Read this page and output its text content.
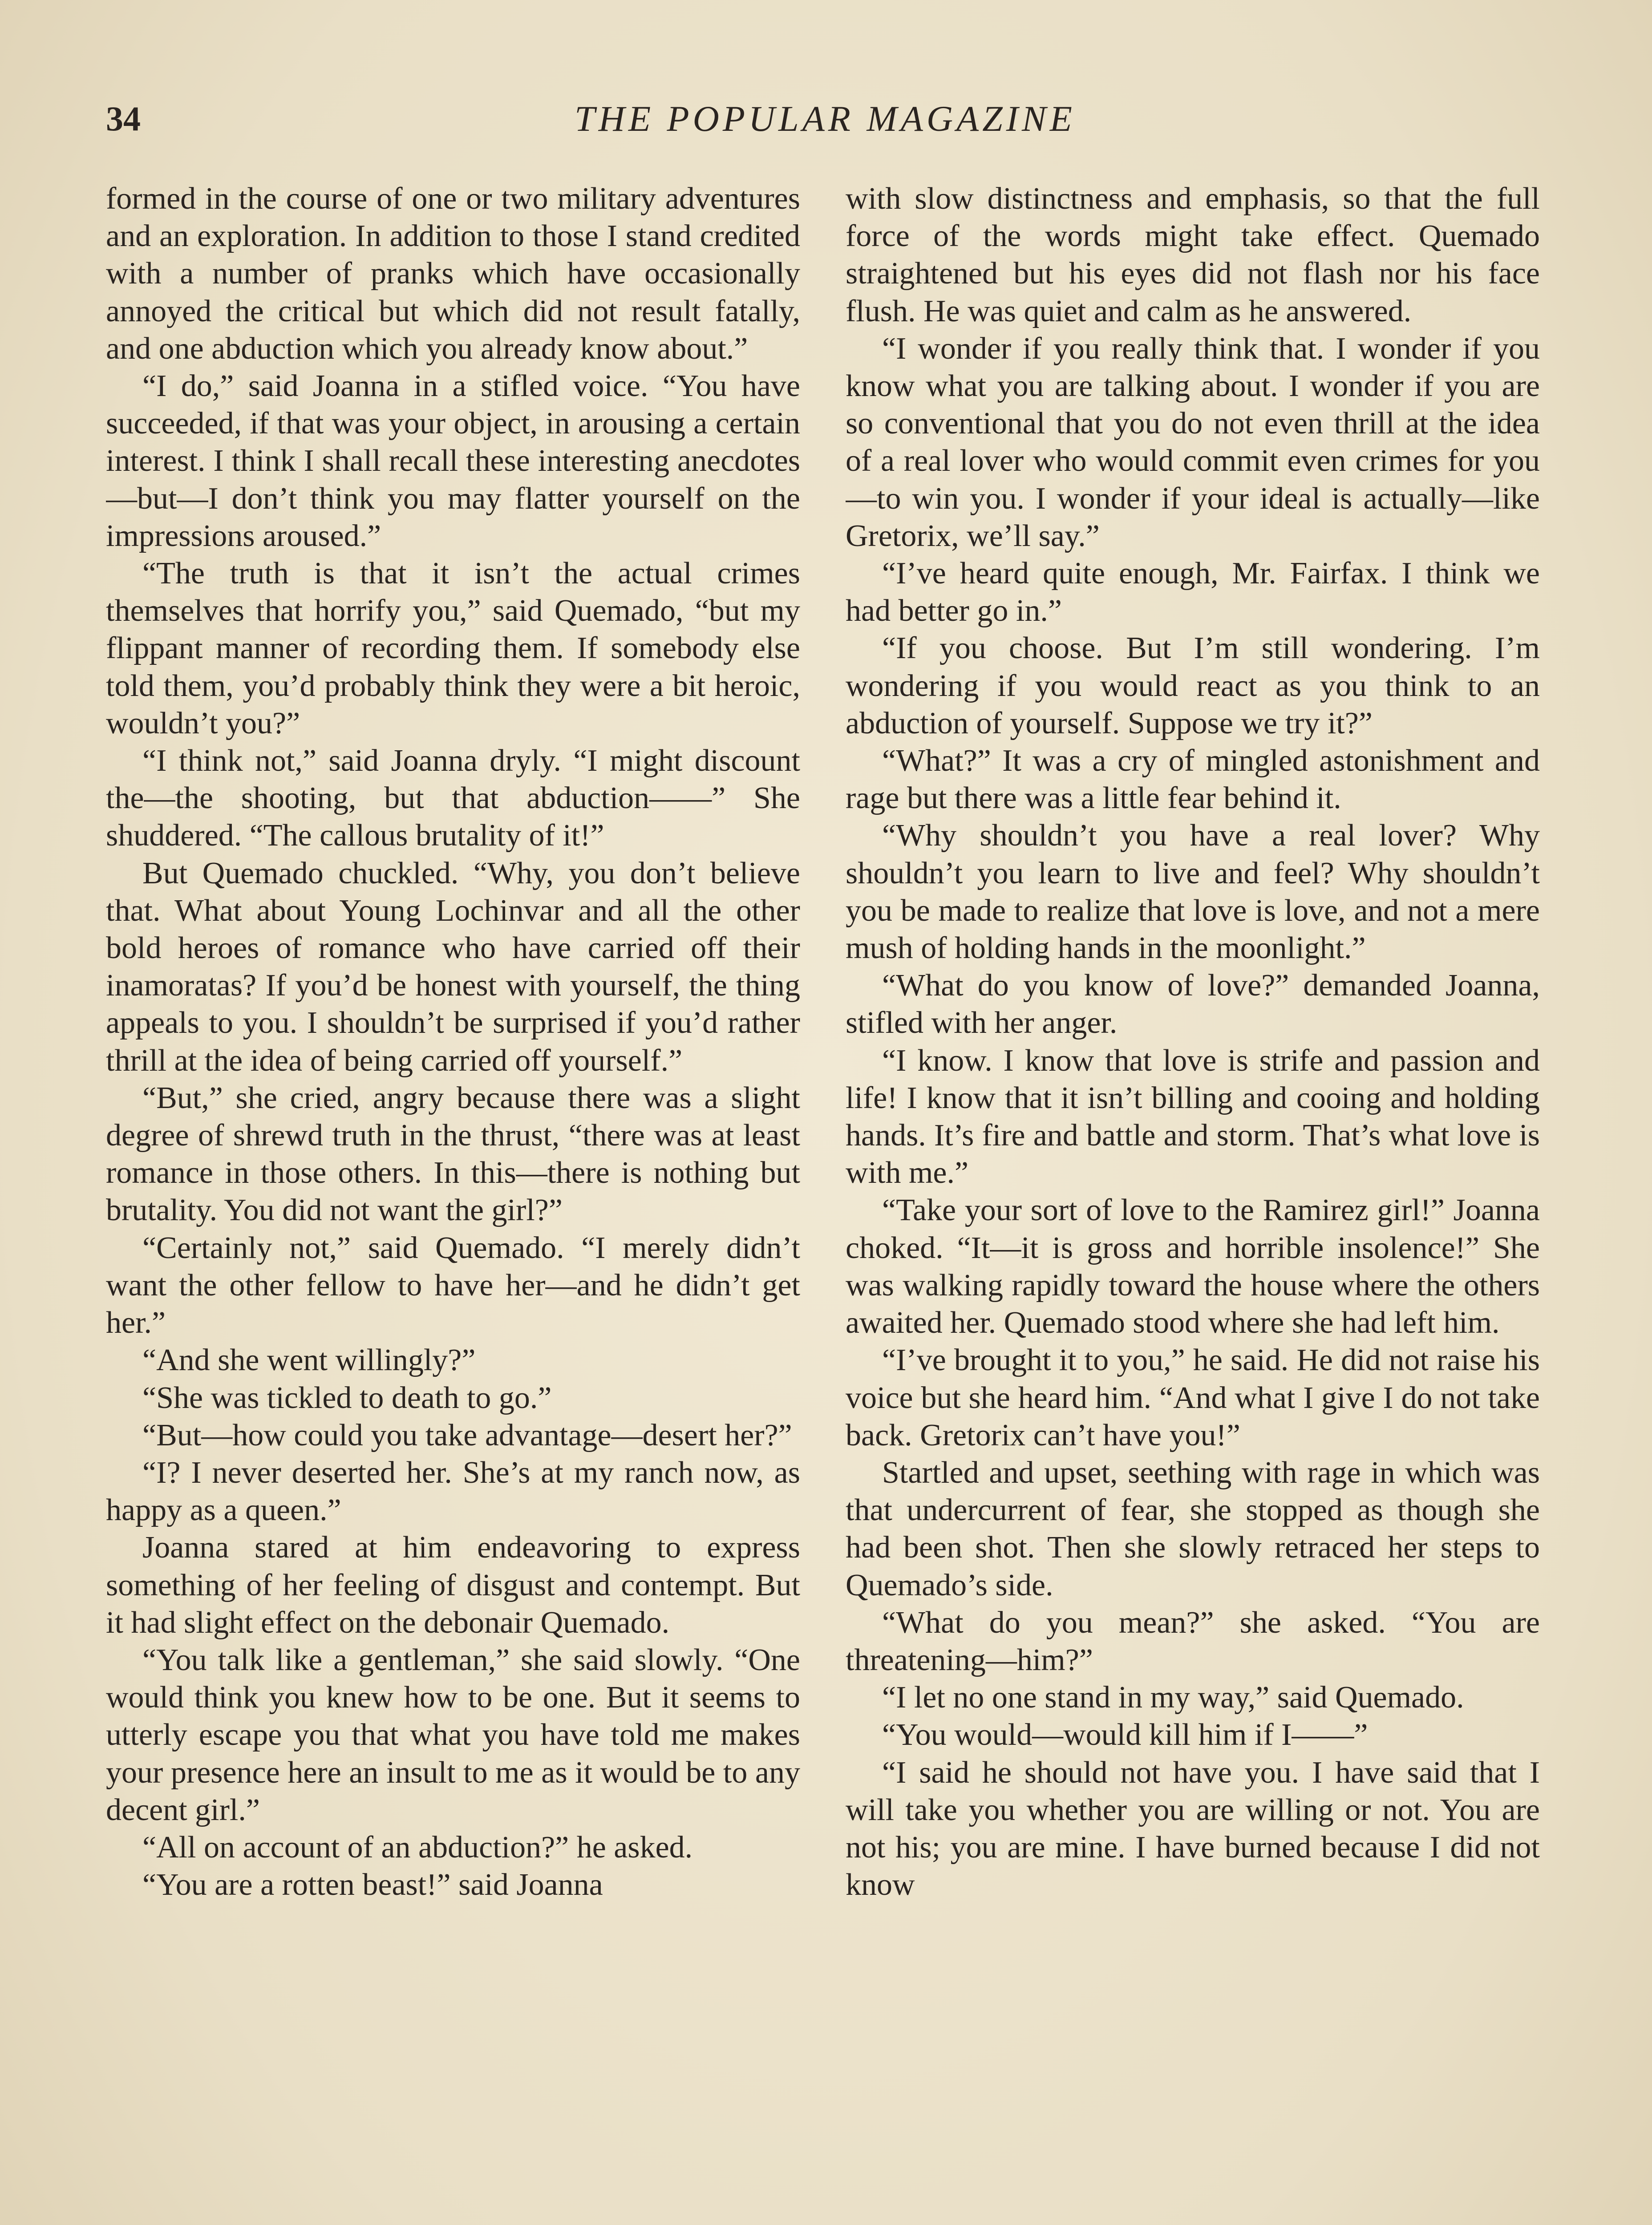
34	THE POPULAR MAGAZINE

formed in the course of one or two military adventures and an exploration. In addition to those I stand credited with a number of pranks which have occasionally annoyed the critical but which did not result fatally, and one abduction which you already know about.”

“I do,” said Joanna in a stifled voice. “You have succeeded, if that was your object, in arousing a certain interest. I think I shall recall these interesting anecdotes—but—I don’t think you may flatter yourself on the impressions aroused.”

“The truth is that it isn’t the actual crimes themselves that horrify you,” said Quemado, “but my flippant manner of recording them. If somebody else told them, you’d probably think they were a bit heroic, wouldn’t you?”

“I think not,” said Joanna dryly. “I might discount the—the shooting, but that abduction——” She shuddered. “The callous brutality of it!”

But Quemado chuckled. “Why, you don’t believe that. What about Young Lochinvar and all the other bold heroes of romance who have carried off their inamoratas? If you’d be honest with yourself, the thing appeals to you. I shouldn’t be surprised if you’d rather thrill at the idea of being carried off yourself.”

“But,” she cried, angry because there was a slight degree of shrewd truth in the thrust, “there was at least romance in those others. In this—there is nothing but brutality. You did not want the girl?”

“Certainly not,” said Quemado. “I merely didn’t want the other fellow to have her—and he didn’t get her.”

“And she went willingly?”

“She was tickled to death to go.”

“But—how could you take advantage—desert her?”

“I? I never deserted her. She’s at my ranch now, as happy as a queen.”

Joanna stared at him endeavoring to express something of her feeling of disgust and contempt. But it had slight effect on the debonair Quemado.

“You talk like a gentleman,” she said slowly. “One would think you knew how to be one. But it seems to utterly escape you that what you have told me makes your presence here an insult to me as it would be to any decent girl.”

“All on account of an abduction?” he asked.

“You are a rotten beast!” said Joanna

with slow distinctness and emphasis, so that the full force of the words might take effect. Quemado straightened but his eyes did not flash nor his face flush. He was quiet and calm as he answered.

“I wonder if you really think that. I wonder if you know what you are talking about. I wonder if you are so conventional that you do not even thrill at the idea of a real lover who would commit even crimes for you—to win you. I wonder if your ideal is actually—like Gretorix, we’ll say.”

“I’ve heard quite enough, Mr. Fairfax. I think we had better go in.”

“If you choose. But I’m still wondering. I’m wondering if you would react as you think to an abduction of yourself. Suppose we try it?”

“What?” It was a cry of mingled astonishment and rage but there was a little fear behind it.

“Why shouldn’t you have a real lover? Why shouldn’t you learn to live and feel? Why shouldn’t you be made to realize that love is love, and not a mere mush of holding hands in the moonlight.”

“What do you know of love?” demanded Joanna, stifled with her anger.

“I know. I know that love is strife and passion and life! I know that it isn’t billing and cooing and holding hands. It’s fire and battle and storm. That’s what love is with me.”

“Take your sort of love to the Ramirez girl!” Joanna choked. “It—it is gross and horrible insolence!” She was walking rapidly toward the house where the others awaited her. Quemado stood where she had left him.

“I’ve brought it to you,” he said. He did not raise his voice but she heard him. “And what I give I do not take back. Gretorix can’t have you!”

Startled and upset, seething with rage in which was that undercurrent of fear, she stopped as though she had been shot. Then she slowly retraced her steps to Quemado’s side.

“What do you mean?” she asked. “You are threatening—him?”

“I let no one stand in my way,” said Quemado.

“You would—would kill him if I——”

“I said he should not have you. I have said that I will take you whether you are willing or not. You are not his; you are mine. I have burned because I did not know
